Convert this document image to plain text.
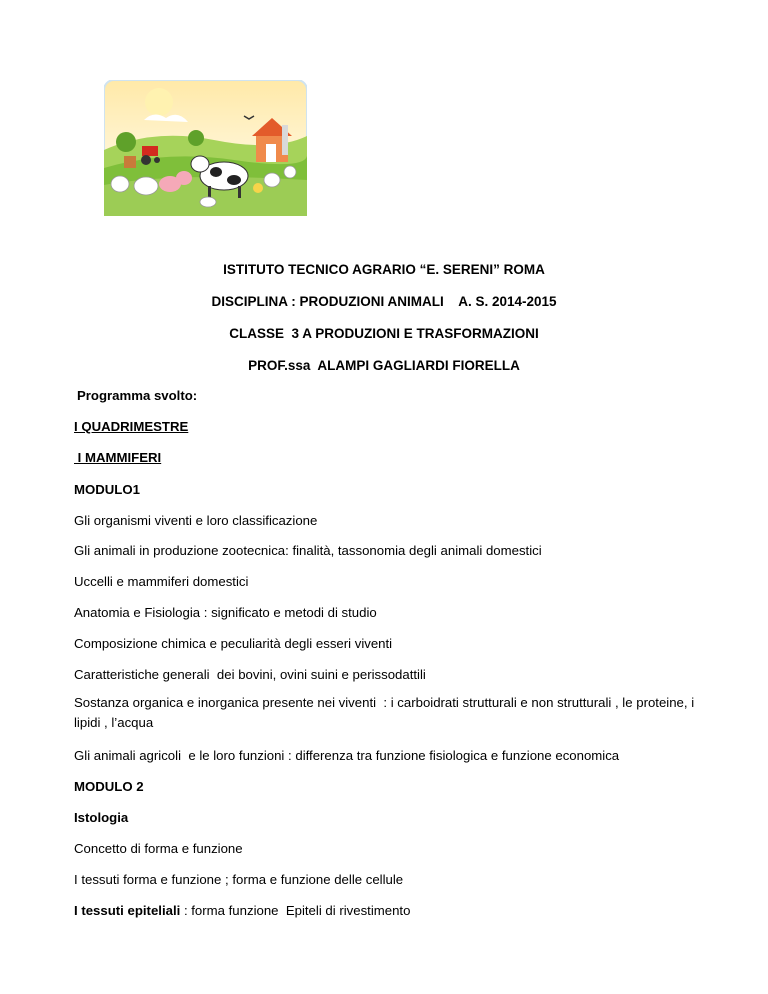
ISTITUTO TECNICO AGRARIO “E. SERENI” ROMA
DISCIPLINA : PRODUZIONI ANIMALI    A. S. 2014-2015
CLASSE  3 A PRODUZIONI E TRASFORMAZIONI
PROF.ssa  ALAMPI GAGLIARDI FIORELLA
Programma svolto:
I QUADRIMESTRE
I MAMMIFERI
MODULO1
Gli organismi viventi e loro classificazione
Gli animali in produzione zootecnica: finalità, tassonomia degli animali domestici
Uccelli e mammiferi domestici
Anatomia e Fisiologia : significato e metodi di studio
Composizione chimica e peculiarità degli esseri viventi
Caratteristiche generali  dei bovini, ovini suini e perissodattili
Sostanza organica e inorganica presente nei viventi  : i carboidrati strutturali e non strutturali , le proteine, i lipidi , l’acqua
Gli animali agricoli  e le loro funzioni : differenza tra funzione fisiologica e funzione economica
MODULO 2
Istologia
Concetto di forma e funzione
I tessuti forma e funzione ; forma e funzione delle cellule
I tessuti epiteliali : forma funzione  Epiteli di rivestimento
